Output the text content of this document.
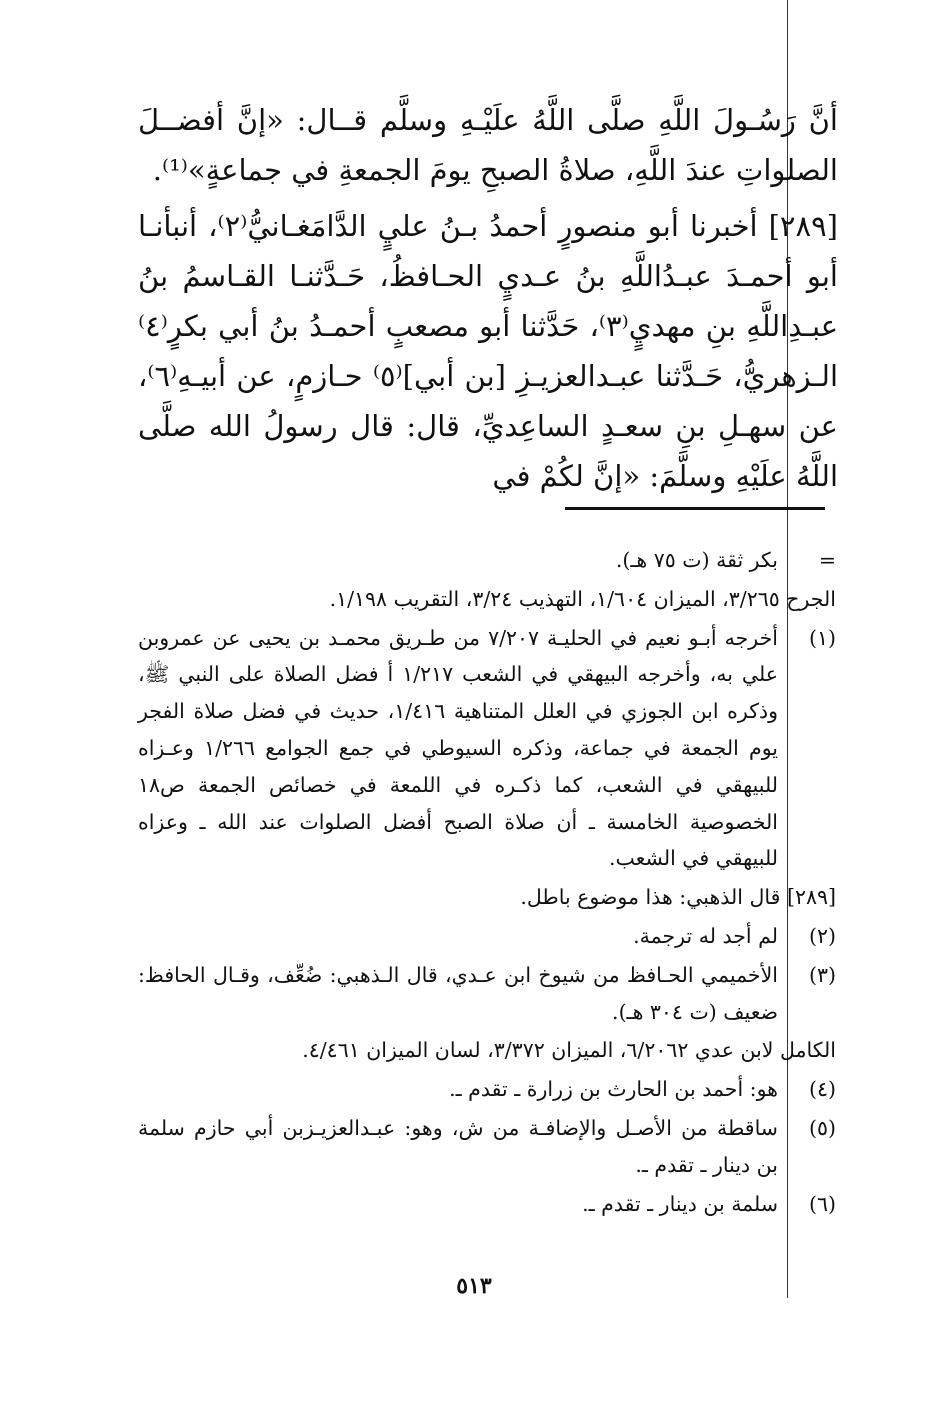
أنَّ رَسُـولَ اللَّهِ صلَّى اللَّهُ علَيْـهِ وسلَّم قــال: «إنَّ أفضــلَ الصلواتِ عندَ اللَّهِ، صلاةُ الصبحِ يومَ الجمعةِ في جماعةٍ»⁽¹⁾.

[٢٨٩] أخبرنا أبو منصورٍ أحمدُ بـنُ عليٍ الدَّامَغـانيُّ⁽٢⁾، أنبأنـا أبو أحمـدَ عبـدُاللَّهِ بنُ عـديٍ الحـافظُ، حَـدَّثنـا القـاسمُ بنُ عبـدِاللَّهِ بنِ مهديٍ⁽٣⁾، حَدَّثنا أبو مصعبٍ أحمـدُ بنُ أبي بكرٍ⁽٤⁾ الـزهريُّ، حَـدَّثنا عبـدالعزيـزِ [بن أبي]⁽٥⁾ حـازمٍ، عن أبيـهِ⁽٦⁾، عن سهـلِ بنِ سعـدٍ الساعِديِّ، قال: قال رسولُ الله صلَّى اللَّهُ علَيْهِ وسلَّمَ: «إنَّ لكُمْ في

=
بكر ثقة (ت ٧٥ هـ).
الجرح ٣/٢٦٥، الميزان ١/٦٠٤، التهذيب ٣/٢٤، التقريب ١/١٩٨.
(١)
أخرجه أبـو نعيم في الحليـة ٧/٢٠٧ من طـريق محمـد بن يحيى عن عمروبن علي به، وأخرجه البيهقي في الشعب ١/٢١٧ أ فضل الصلاة على النبي ﷺ، وذكره ابن الجوزي في العلل المتناهية ١/٤١٦، حديث في فضل صلاة الفجر يوم الجمعة في جماعة، وذكره السيوطي في جمع الجوامع ١/٢٦٦ وعـزاه للبيهقي في الشعب، كما ذكـره في اللمعة في خصائص الجمعة ص١٨ الخصوصية الخامسة ـ أن صلاة الصبح أفضل الصلوات عند الله ـ وعزاه للبيهقي في الشعب.
[٢٨٩] قال الذهبي: هذا موضوع باطل.
(٢)
لم أجد له ترجمة.
(٣)
الأخميمي الحـافظ من شيوخ ابن عـدي، قال الـذهبي: ضُعِّف، وقـال الحافظ: ضعيف (ت ٣٠٤ هـ).
الكامل لابن عدي ٦/٢٠٦٢، الميزان ٣/٣٧٢، لسان الميزان ٤/٤٦١.
(٤)
هو: أحمد بن الحارث بن زرارة ـ تقدم ـ.
(٥)
ساقطة من الأصـل والإضافـة من ش، وهو: عبـدالعزيـزبن أبي حازم سلمة بن دينار ـ تقدم ـ.
(٦)
سلمة بن دينار ـ تقدم ـ.
٥١٣
